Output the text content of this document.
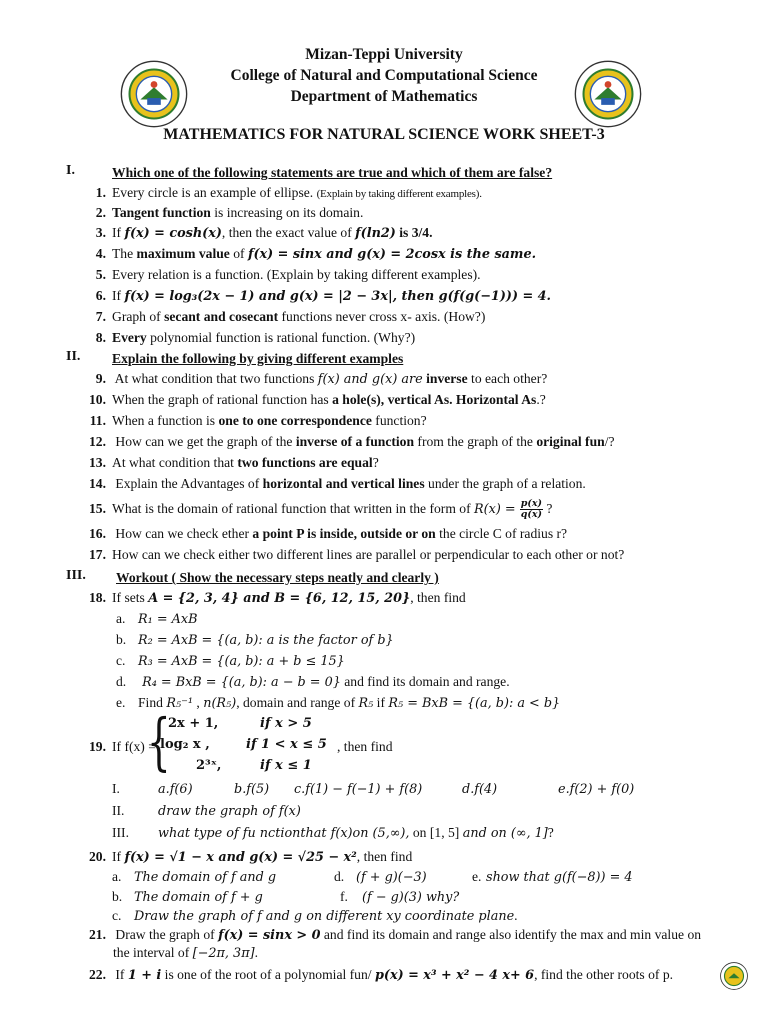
Mizan-Teppi University
College of Natural and Computational Science
Department of Mathematics
MATHEMATICS FOR NATURAL SCIENCE WORK SHEET-3
I.	Which one of the following statements are true and which of them are false?
1. Every circle is an example of ellipse. (Explain by taking different examples).
2. Tangent function is increasing on its domain.
3. If f(x) = cosh(x), then the exact value of f(ln2) is 3/4.
4. The maximum value of f(x) = sinx and g(x) = 2cosx is the same.
5. Every relation is a function. (Explain by taking different examples).
6. If f(x) = log₃(2x − 1) and g(x) = |2 − 3x|, then g(f(g(−1))) = 4.
7. Graph of secant and cosecant functions never cross x- axis. (How?)
8. Every polynomial function is rational function. (Why?)
II. Explain the following by giving different examples
9. At what condition that two functions f(x) and g(x) are inverse to each other?
10. When the graph of rational function has a hole(s), vertical As. Horizontal As.?
11. When a function is one to one correspondence function?
12. How can we get the graph of the inverse of a function from the graph of the original fun/?
13. At what condition that two functions are equal?
14. Explain the Advantages of horizontal and vertical lines under the graph of a relation.
15. What is the domain of rational function that written in the form of $R(x) = \frac{p(x)}{q(x)}$ ?
16. How can we check ether a point P is inside, outside or on the circle C of radius r?
17. How can we check either two different lines are parallel or perpendicular to each other or not?
III. Workout ( Show the necessary steps neatly and clearly )
18. If sets A = {2, 3, 4} and B = {6, 12, 15, 20}, then find
a. R₁ = AxB
b. R₂ = AxB = {(a, b): a is the factor of b}
c. R₃ = AxB = {(a, b): a + b ≤ 15}
d. R₄ = BxB = {(a, b): a − b = 0} and find its domain and range.
e. Find R₅⁻¹ , n(R₅), domain and range of R₅ if R₅ = BxB = {(a, b): a < b}
{
2x + 1,	if x > 5
log₂ x ,	if 1 < x ≤ 5
2³ˣ,	if x ≤ 1
19. If f(x) =	, then find
I.	a.f(6)	b.f(5) c.f(1) − f(−1) + f(8)	d.f(4)	e.f(2) + f(0)
II.	draw the graph of f(x)
III. what type of fu nctionthat f(x)on (5,∞), on [1, 5] and on (∞, 1]?
20. If f(x) = √1 − x and g(x) = √25 − x², then find
a. The domain of f and g	d. (f + g)(−3)	e. show that g(f(−8)) = 4
b. The domain of f + g	f. (f − g)(3) why?
c. Draw the graph of f and g on different xy coordinate plane.
21. Draw the graph of f(x) = sinx > 0 and find its domain and range also identify the max and min value on
the interval of [−2π, 3π].
22. If 1 + i is one of the root of a polynomial fun/ p(x) = x³ + x² − 4 x+ 6, find the other roots of p.
